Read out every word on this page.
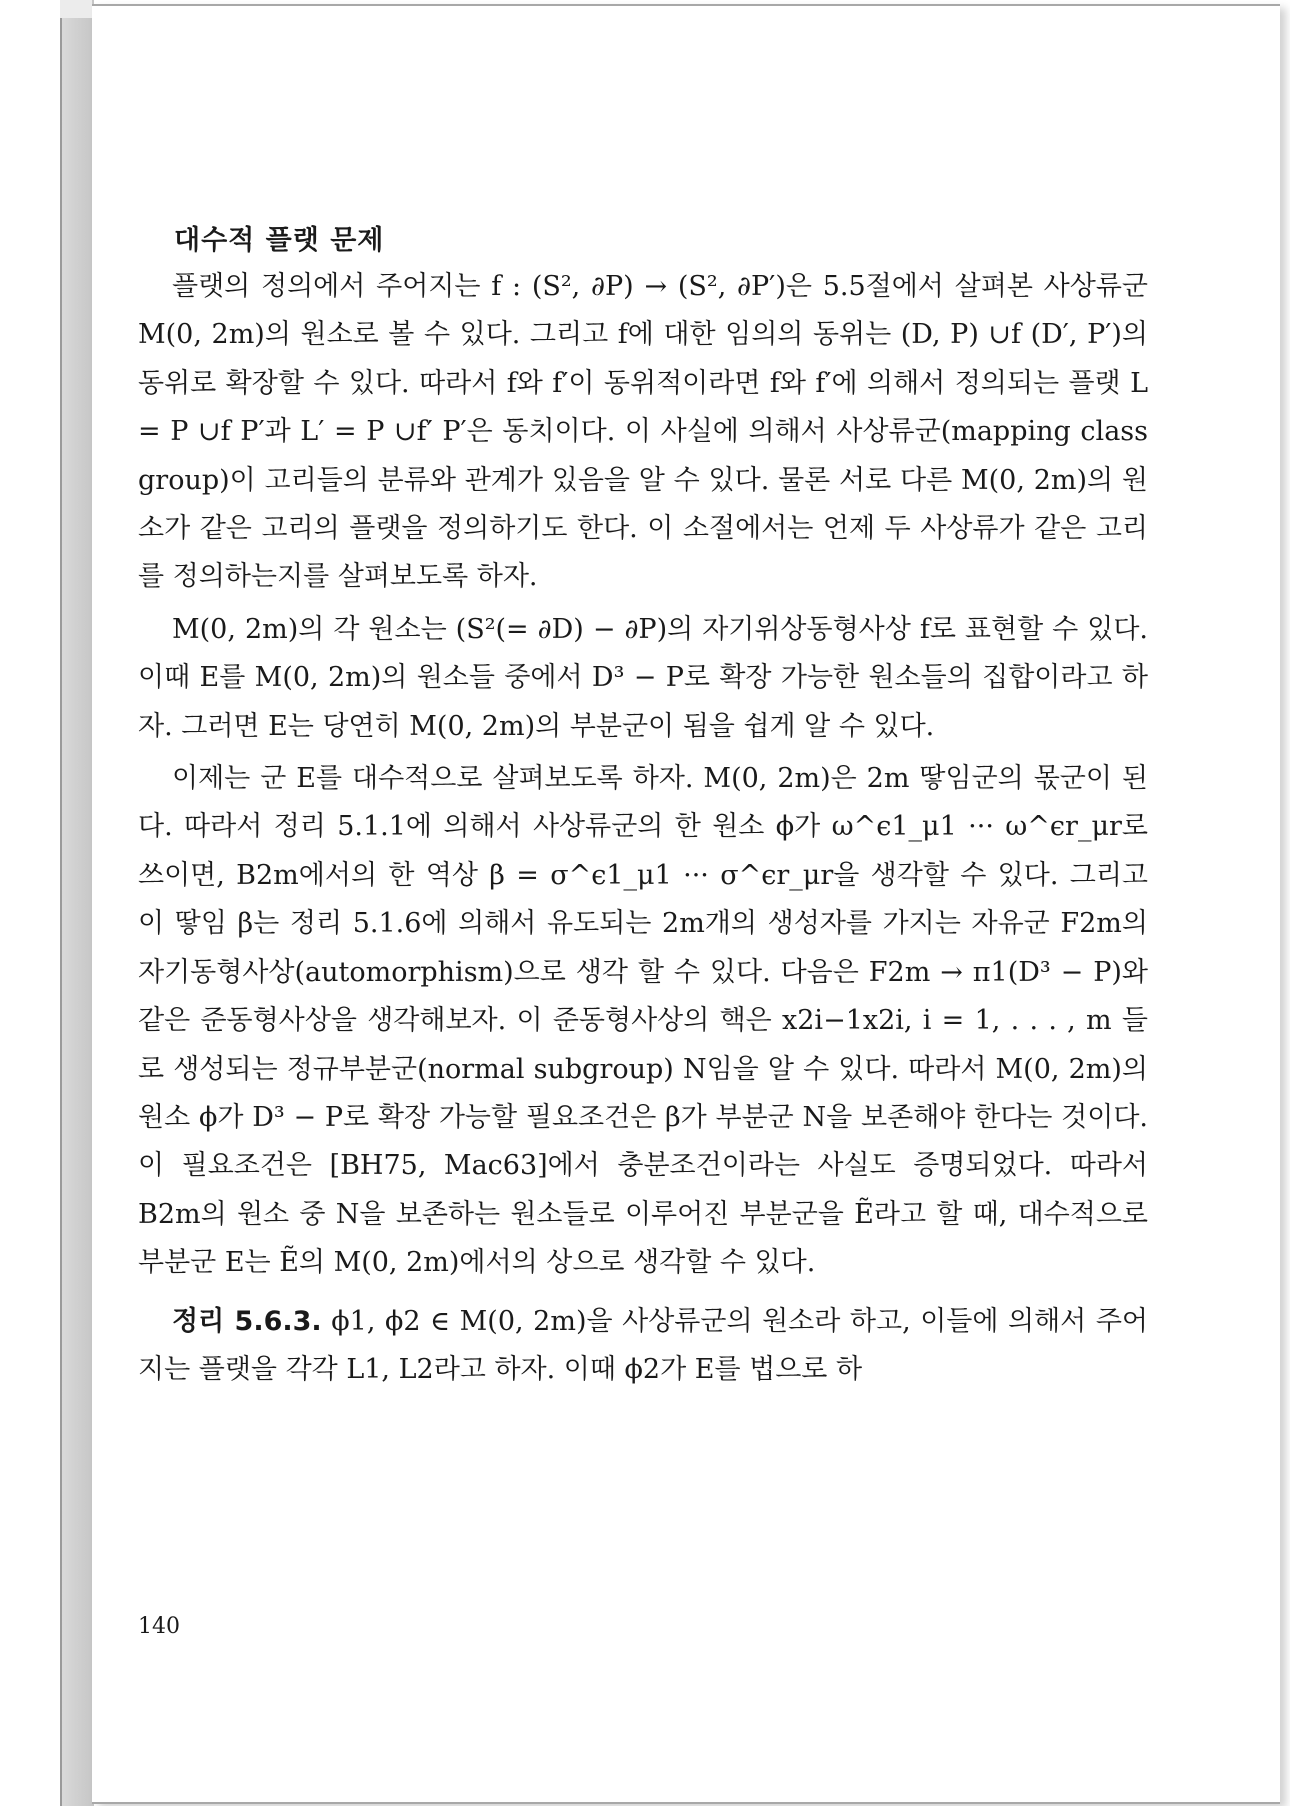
대수적 플랫 문제

플랫의 정의에서 주어지는 f : (S², ∂P) → (S², ∂P′)은 5.5절에서 살펴본 사상류군 M(0, 2m)의 원소로 볼 수 있다. 그리고 f에 대한 임의의 동위는 (D, P) ∪f (D′, P′)의 동위로 확장할 수 있다. 따라서 f와 f′이 동위적이라면 f와 f′에 의해서 정의되는 플랫 L = P ∪f P′과 L′ = P ∪f′ P′은 동치이다. 이 사실에 의해서 사상류군(mapping class group)이 고리들의 분류와 관계가 있음을 알 수 있다. 물론 서로 다른 M(0, 2m)의 원소가 같은 고리의 플랫을 정의하기도 한다. 이 소절에서는 언제 두 사상류가 같은 고리를 정의하는지를 살펴보도록 하자.

M(0, 2m)의 각 원소는 (S²(= ∂D) − ∂P)의 자기위상동형사상 f로 표현할 수 있다. 이때 E를 M(0, 2m)의 원소들 중에서 D³ − P로 확장 가능한 원소들의 집합이라고 하자. 그러면 E는 당연히 M(0, 2m)의 부분군이 됨을 쉽게 알 수 있다.

이제는 군 E를 대수적으로 살펴보도록 하자. M(0, 2m)은 2m 땋임군의 몫군이 된다. 따라서 정리 5.1.1에 의해서 사상류군의 한 원소 ϕ가 ω^ϵ1_μ1 ··· ω^ϵr_μr로 쓰이면, B2m에서의 한 역상 β = σ^ϵ1_μ1 ··· σ^ϵr_μr을 생각할 수 있다. 그리고 이 땋임 β는 정리 5.1.6에 의해서 유도되는 2m개의 생성자를 가지는 자유군 F2m의 자기동형사상(automorphism)으로 생각 할 수 있다. 다음은 F2m → π1(D³ − P)와 같은 준동형사상을 생각해보자. 이 준동형사상의 핵은 x2i−1x2i, i = 1, . . . , m 들로 생성되는 정규부분군(normal subgroup) N임을 알 수 있다. 따라서 M(0, 2m)의 원소 ϕ가 D³ − P로 확장 가능할 필요조건은 β가 부분군 N을 보존해야 한다는 것이다. 이 필요조건은 [BH75, Mac63]에서 충분조건이라는 사실도 증명되었다. 따라서 B2m의 원소 중 N을 보존하는 원소들로 이루어진 부분군을 Ẽ라고 할 때, 대수적으로 부분군 E는 Ẽ의 M(0, 2m)에서의 상으로 생각할 수 있다.

정리 5.6.3. ϕ1, ϕ2 ∈ M(0, 2m)을 사상류군의 원소라 하고, 이들에 의해서 주어지는 플랫을 각각 L1, L2라고 하자. 이때 ϕ2가 E를 법으로 하

140
